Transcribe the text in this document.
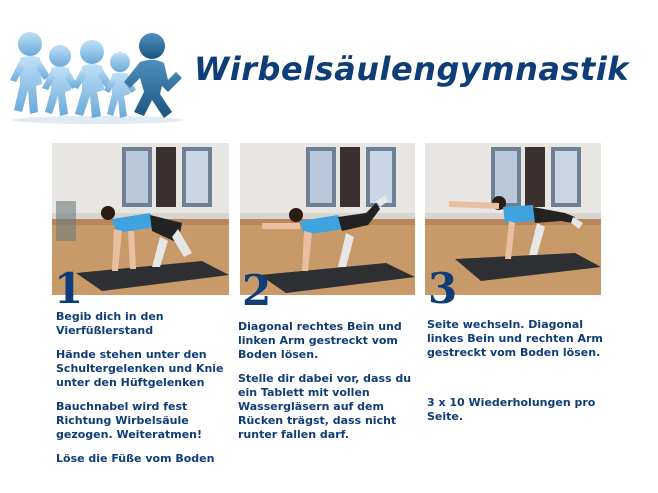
Wirbelsäulengymnastik
1

Begib dich in den Vierfüßlerstand

Hände stehen unter den Schultergelenken und Knie unter den Hüftgelenken

Bauchnabel wird fest Richtung Wirbelsäule gezogen. Weiteratmen!

Löse die Füße vom Boden

2

Diagonal rechtes Bein und linken Arm gestreckt vom Boden lösen.

Stelle dir dabei vor, dass du ein Tablett mit vollen Wassergläsern auf dem Rücken trägst, dass nicht runter fallen darf.

3

Seite wechseln. Diagonal linkes Bein und rechten Arm gestreckt vom Boden lösen.

3 x 10 Wiederholungen pro Seite.
